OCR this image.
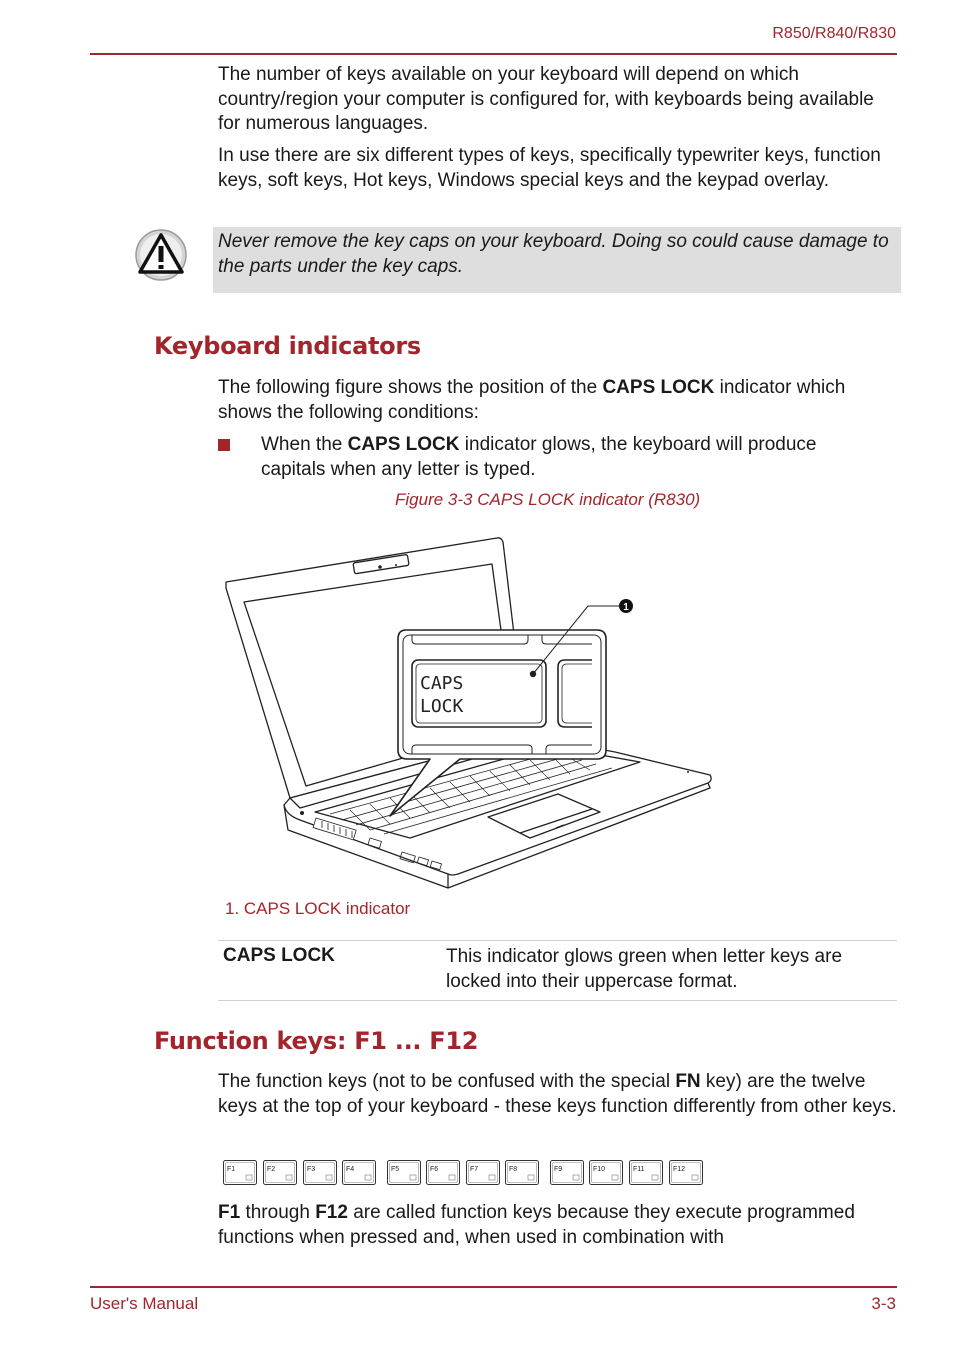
R850/R840/R830

The number of keys available on your keyboard will depend on which country/region your computer is configured for, with keyboards being available for numerous languages.

In use there are six different types of keys, specifically typewriter keys, function keys, soft keys, Hot keys, Windows special keys and the keypad overlay.

Never remove the key caps on your keyboard. Doing so could cause damage to the parts under the key caps.
Keyboard indicators

The following figure shows the position of the CAPS LOCK indicator which shows the following conditions:

When the CAPS LOCK indicator glows, the keyboard will produce capitals when any letter is typed.

Figure 3-3 CAPS LOCK indicator (R830)
1
CAPS
LOCK
1. CAPS LOCK indicator
CAPS LOCK	This indicator glows green when letter keys are locked into their uppercase format.
Function keys: F1 ... F12

The function keys (not to be confused with the special FN key) are the twelve keys at the top of your keyboard - these keys function differently from other keys.

F1	F2	F3	F4	F5	F6	F7	F8	F9	F10	F11	F12

F1 through F12 are called function keys because they execute programmed functions when pressed and, when used in combination with

User's Manual	3-3
